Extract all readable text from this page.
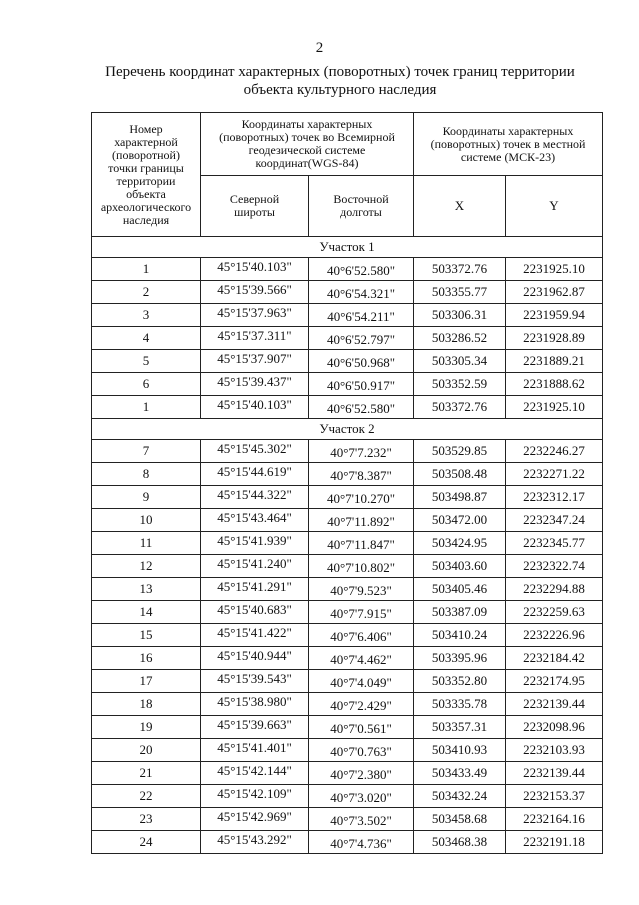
2
Перечень координат характерных (поворотных) точек границ территории
объекта культурного наследия
Номер характерной (поворотной) точки границы территории объекта археологического наследия	Координаты характерных (поворотных) точек во Всемирной геодезической системе координат(WGS-84)		Координаты характерных (поворотных) точек в местной системе (МСК-23)	
	Северной широты	Восточной долготы	X	Y
Участок 1				
1	45°15'40.103"	40°6'52.580"	503372.76	2231925.10
2	45°15'39.566"	40°6'54.321"	503355.77	2231962.87
3	45°15'37.963"	40°6'54.211"	503306.31	2231959.94
4	45°15'37.311"	40°6'52.797"	503286.52	2231928.89
5	45°15'37.907"	40°6'50.968"	503305.34	2231889.21
6	45°15'39.437"	40°6'50.917"	503352.59	2231888.62
1	45°15'40.103"	40°6'52.580"	503372.76	2231925.10
Участок 2				
7	45°15'45.302"	40°7'7.232"	503529.85	2232246.27
8	45°15'44.619"	40°7'8.387"	503508.48	2232271.22
9	45°15'44.322"	40°7'10.270"	503498.87	2232312.17
10	45°15'43.464"	40°7'11.892"	503472.00	2232347.24
11	45°15'41.939"	40°7'11.847"	503424.95	2232345.77
12	45°15'41.240"	40°7'10.802"	503403.60	2232322.74
13	45°15'41.291"	40°7'9.523"	503405.46	2232294.88
14	45°15'40.683"	40°7'7.915"	503387.09	2232259.63
15	45°15'41.422"	40°7'6.406"	503410.24	2232226.96
16	45°15'40.944"	40°7'4.462"	503395.96	2232184.42
17	45°15'39.543"	40°7'4.049"	503352.80	2232174.95
18	45°15'38.980"	40°7'2.429"	503335.78	2232139.44
19	45°15'39.663"	40°7'0.561"	503357.31	2232098.96
20	45°15'41.401"	40°7'0.763"	503410.93	2232103.93
21	45°15'42.144"	40°7'2.380"	503433.49	2232139.44
22	45°15'42.109"	40°7'3.020"	503432.24	2232153.37
23	45°15'42.969"	40°7'3.502"	503458.68	2232164.16
24	45°15'43.292"	40°7'4.736"	503468.38	2232191.18
